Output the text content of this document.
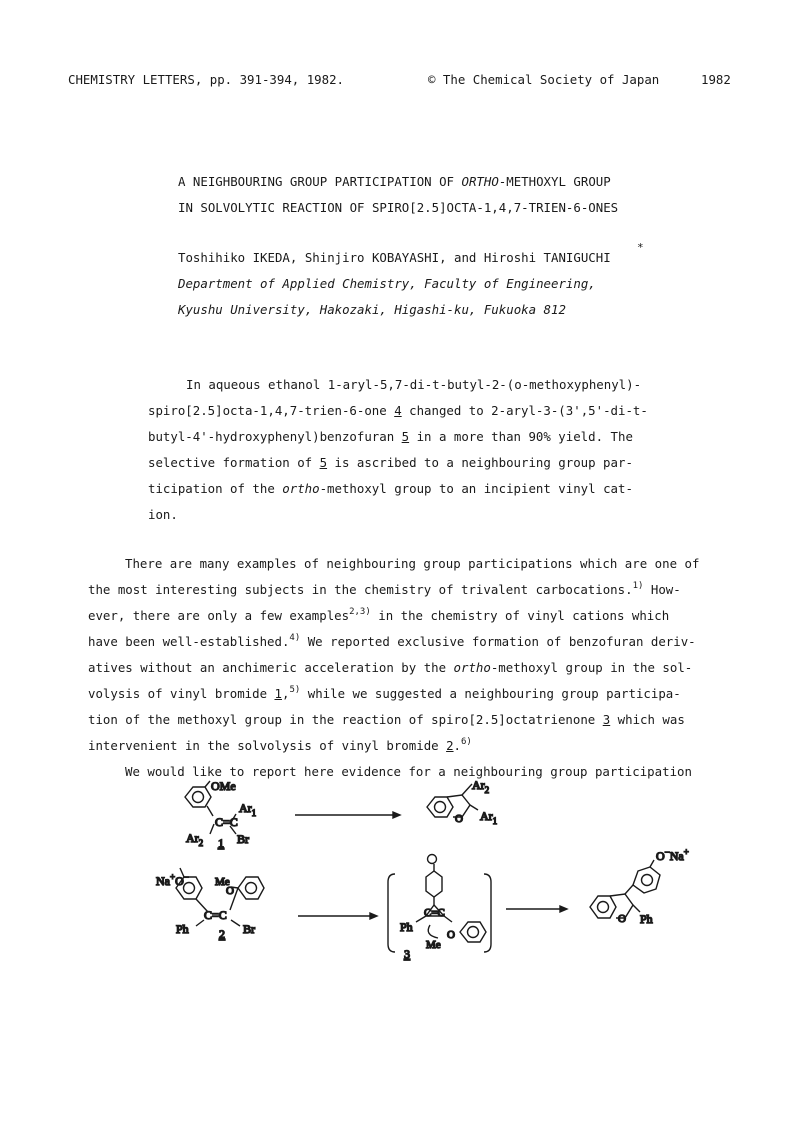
CHEMISTRY LETTERS, pp. 391-394, 1982.	© The Chemical Society of Japan	1982
A NEIGHBOURING GROUP PARTICIPATION OF ORTHO-METHOXYL GROUP
IN SOLVOLYTIC REACTION OF SPIRO[2.5]OCTA-1,4,7-TRIEN-6-ONES
Toshihiko IKEDA, Shinjiro KOBAYASHI, and Hiroshi TANIGUCHI
*
Department of Applied Chemistry, Faculty of Engineering,
Kyushu University, Hakozaki, Higashi-ku, Fukuoka 812
In aqueous ethanol 1-aryl-5,7-di-t-butyl-2-(o-methoxyphenyl)-
spiro[2.5]octa-1,4,7-trien-6-one 4 changed to 2-aryl-3-(3',5'-di-t-
butyl-4'-hydroxyphenyl)benzofuran 5 in a more than 90% yield. The
selective formation of 5 is ascribed to a neighbouring group par-
ticipation of the ortho-methoxyl group to an incipient vinyl cat-
ion.
There are many examples of neighbouring group participations which are one of
the most interesting subjects in the chemistry of trivalent carbocations.$^{1)}$ How-
ever, there are only a few examples$^{2,3)}$ in the chemistry of vinyl cations which
have been well-established.$^{4)}$ We reported exclusive formation of benzofuran deriv-
atives without an anchimeric acceleration by the ortho-methoxyl group in the sol-
volysis of vinyl bromide 1,$^{5)}$ while we suggested a neighbouring group participa-
tion of the methoxyl group in the reaction of spiro[2.5]octatrienone 3 which was
intervenient in the solvolysis of vinyl bromide 2.$^{6)}$
We would like to report here evidence for a neighbouring group participation
OMe
C=C
$Ar_1$
$Ar_2$	Br
1
$Ar_2$
O $Ar_1$
Na+O− Me
O
C=C
Ph	Br
2
C=C
Ph
O
Me
3
O−Na+
O Ph
